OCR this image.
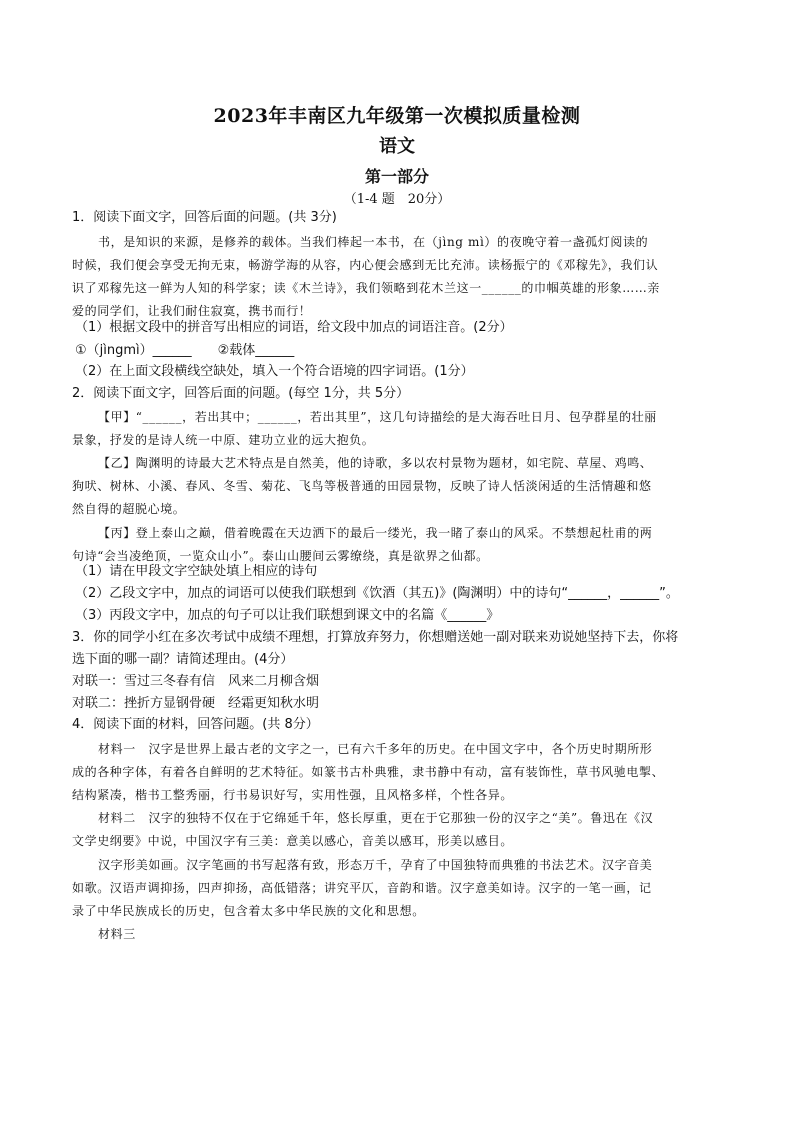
2023年丰南区九年级第一次模拟质量检测
语文
第一部分
（1-4 题　20分）
1．阅读下面文字，回答后面的问题。(共 3分)
书，是知识的来源，是修养的载体。当我们棒起一本书，在（jìng mì）的夜晚守着一盏孤灯阅读的
时候，我们便会享受无拘无束，畅游学海的从容，内心便会感到无比充沛。读杨振宁的《邓稼先》，我们认
识了邓稼先这一鲜为人知的科学家；读《木兰诗》，我们领略到花木兰这一______的巾帼英雄的形象……亲
爱的同学们，让我们耐住寂寞，携书而行！
（1）根据文段中的拼音写出相应的词语，给文段中加点的词语注音。(2分）
①（jìngmì）______　　②载体______
（2）在上面文段横线空缺处，填入一个符合语境的四字词语。(1分）
2．阅读下面文字，回答后面的问题。(每空 1分，共 5分）
【甲】“______，若出其中；______，若出其里”，这几句诗描绘的是大海吞吐日月、包孕群星的壮丽
景象，抒发的是诗人统一中原、建功立业的远大抱负。
【乙】陶渊明的诗最大艺术特点是自然美，他的诗歌，多以农村景物为题材，如宅院、草屋、鸡鸣、
狗吠、树林、小溪、春风、冬雪、菊花、飞鸟等极普通的田园景物，反映了诗人恬淡闲适的生活情趣和悠
然自得的超脱心境。
【丙】登上泰山之巅，借着晚霞在天边洒下的最后一缕光，我一睹了泰山的风采。不禁想起杜甫的两
句诗“会当凌绝顶，一览众山小”。泰山山腰间云雾缭绕，真是欲界之仙都。
（1）请在甲段文字空缺处填上相应的诗句
（2）乙段文字中，加点的词语可以使我们联想到《饮酒（其五)》(陶渊明）中的诗句“______，______”。
（3）丙段文字中，加点的句子可以让我们联想到课文中的名篇《______》
3．你的同学小红在多次考试中成绩不理想，打算放弃努力，你想赠送她一副对联来劝说她坚持下去，你将
选下面的哪一副？请简述理由。(4分）
对联一：雪过三冬春有信　风来二月柳含烟
对联二：挫折方显钢骨硬　经霜更知秋水明
4．阅读下面的材料，回答问题。(共 8分）
材料一　汉字是世界上最古老的文字之一，已有六千多年的历史。在中国文字中，各个历史时期所形
成的各种字体，有着各自鲜明的艺术特征。如篆书古朴典雅，隶书静中有动，富有装饰性，草书风驰电掣、
结构紧凑，楷书工整秀丽，行书易识好写，实用性强，且风格多样，个性各异。
材料二　汉字的独特不仅在于它绵延千年，悠长厚重，更在于它那独一份的汉字之“美”。鲁迅在《汉
文学史纲要》中说，中国汉字有三美：意美以感心，音美以感耳，形美以感目。
汉字形美如画。汉字笔画的书写起落有致，形态万千，孕育了中国独特而典雅的书法艺术。汉字音美
如歌。汉语声调抑扬，四声抑扬，高低错落；讲究平仄，音韵和谐。汉字意美如诗。汉字的一笔一画，记
录了中华民族成长的历史，包含着太多中华民族的文化和思想。
材料三
